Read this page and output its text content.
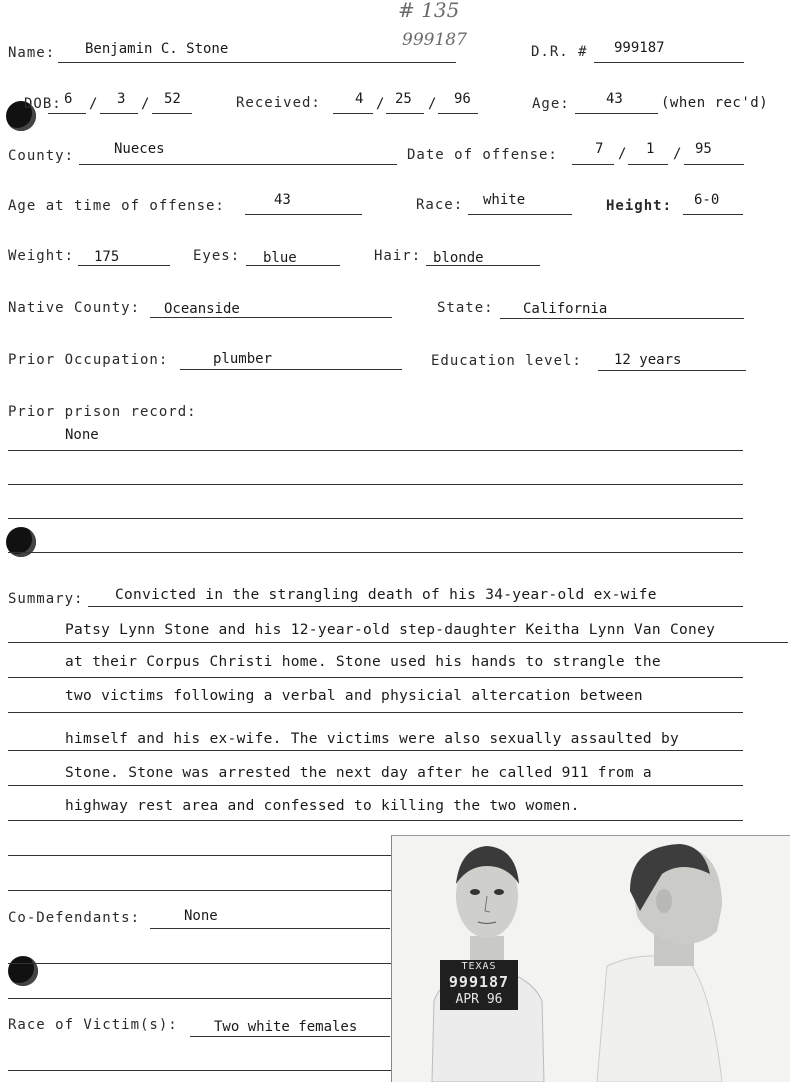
# 135
999187
Name: Benjamin C. Stone	D.R. # 999187
DOB: 6 / 3 / 52	Received: 4 / 25 / 96	Age:	43	(when rec'd)
County:	Nueces	Date of offense:	7 / 1 / 95
Age at time of offense:	43	Race: white	Height: 6-0
Weight: 175	Eyes: blue	Hair: blonde
Native County: Oceanside	State: California
Prior Occupation:	plumber	Education level: 12 years
Prior prison record:
None
Summary: Convicted in the strangling death of his 34-year-old ex-wife
Patsy Lynn Stone and his 12-year-old step-daughter Keitha Lynn Van Coney
at their Corpus Christi home. Stone used his hands to strangle the
two victims following a verbal and physicial altercation between
himself and his ex-wife. The victims were also sexually assaulted by
Stone. Stone was arrested the next day after he called 911 from a
highway rest area and confessed to killing the two women.
Co-Defendants:	None
Race of Victim(s):	Two white females
TEXAS
999187
APR 96
